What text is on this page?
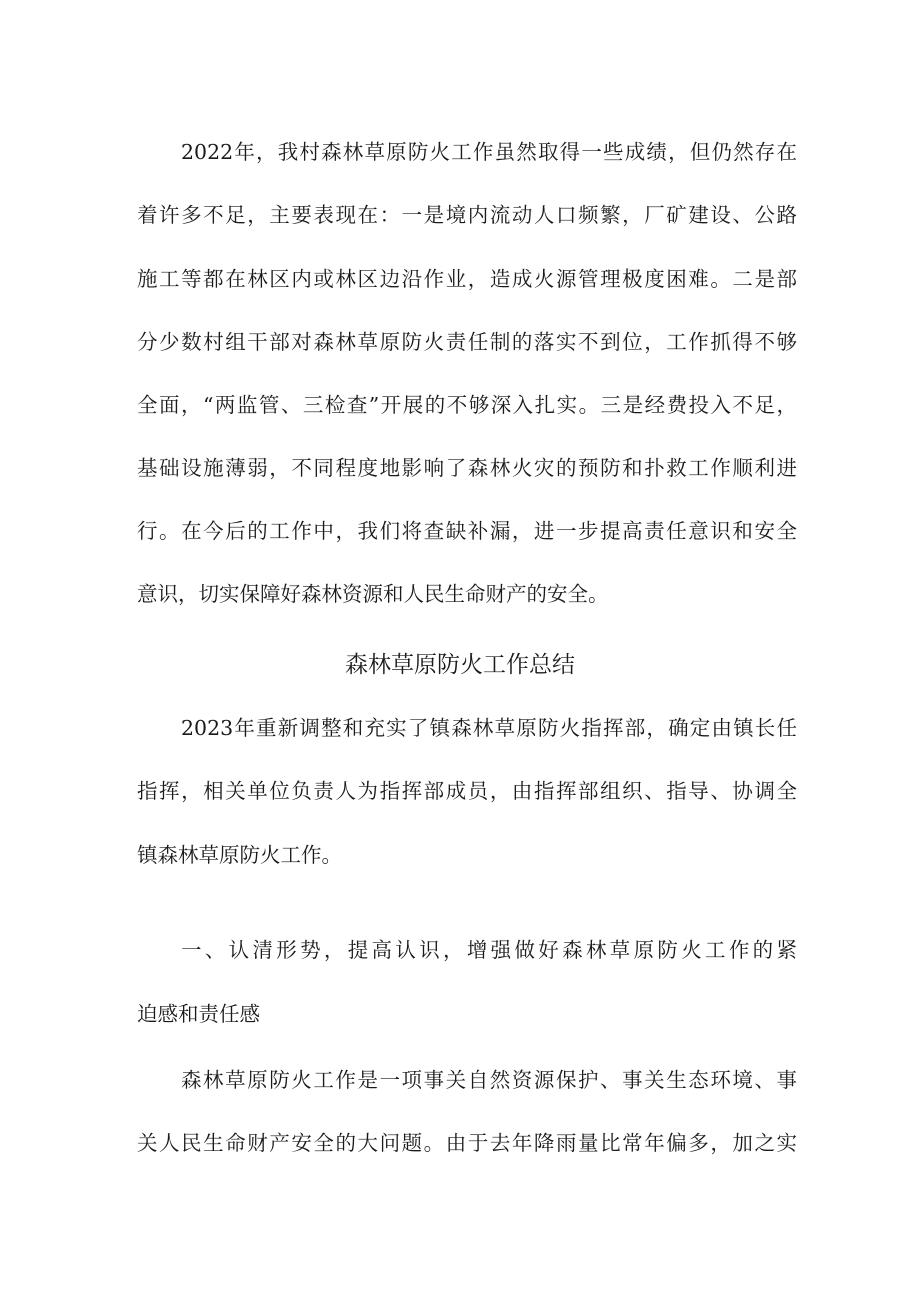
2022年，我村森林草原防火工作虽然取得一些成绩，但仍然存在
着许多不足，主要表现在：一是境内流动人口频繁，厂矿建设、公路
施工等都在林区内或林区边沿作业，造成火源管理极度困难。二是部
分少数村组干部对森林草原防火责任制的落实不到位，工作抓得不够
全面，“两监管、三检查”开展的不够深入扎实。三是经费投入不足，
基础设施薄弱，不同程度地影响了森林火灾的预防和扑救工作顺利进
行。在今后的工作中，我们将查缺补漏，进一步提高责任意识和安全
意识，切实保障好森林资源和人民生命财产的安全。
森林草原防火工作总结
2023年重新调整和充实了镇森林草原防火指挥部，确定由镇长任
指挥，相关单位负责人为指挥部成员，由指挥部组织、指导、协调全
镇森林草原防火工作。
一、认清形势，提高认识，增强做好森林草原防火工作的紧
迫感和责任感
森林草原防火工作是一项事关自然资源保护、事关生态环境、事
关人民生命财产安全的大问题。由于去年降雨量比常年偏多，加之实
